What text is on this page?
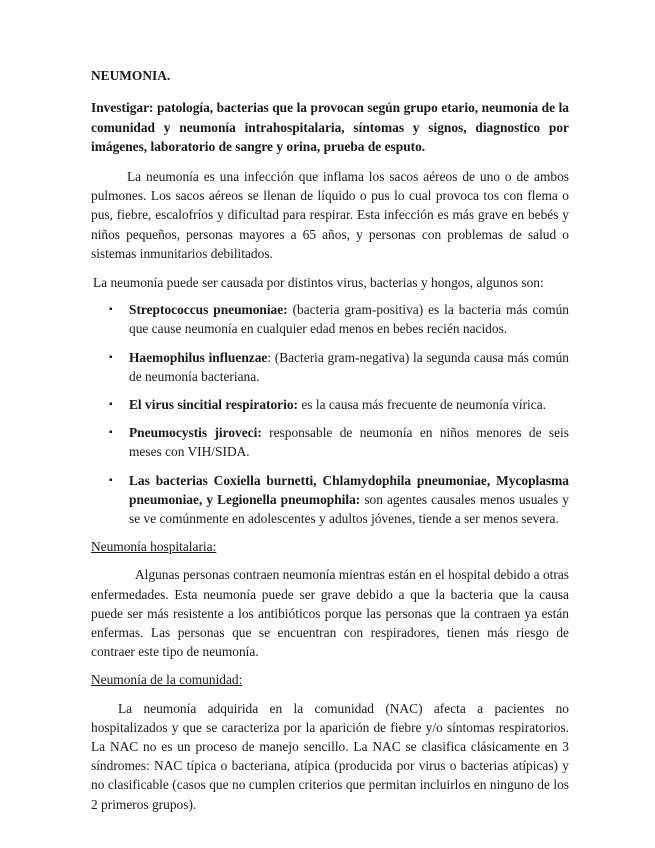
NEUMONIA.

Investigar: patología, bacterias que la provocan según grupo etario, neumonía de la comunidad y neumonía intrahospitalaria, síntomas y signos, diagnostico por imágenes, laboratorio de sangre y orina, prueba de esputo.

La neumonía es una infección que inflama los sacos aéreos de uno o de ambos pulmones. Los sacos aéreos se llenan de líquido o pus lo cual provoca tos con flema o pus, fiebre, escalofríos y dificultad para respirar. Esta infección es más grave en bebés y niños pequeños, personas mayores a 65 años, y personas con problemas de salud o sistemas inmunitarios debilitados.

La neumonía puede ser causada por distintos virus, bacterias y hongos, algunos son:

▪ Streptococcus pneumoniae: (bacteria gram-positiva) es la bacteria más común que cause neumonía en cualquier edad menos en bebes recién nacidos.
▪ Haemophilus influenzae: (Bacteria gram-negativa) la segunda causa más común de neumonía bacteriana.
▪ El virus sincitial respiratorio: es la causa más frecuente de neumonía vírica.
▪ Pneumocystis jiroveci: responsable de neumonía en niños menores de seis meses con VIH/SIDA.
▪ Las bacterias Coxiella burnetti, Chlamydophila pneumoniae, Mycoplasma pneumoniae, y Legionella pneumophila: son agentes causales menos usuales y se ve comúnmente en adolescentes y adultos jóvenes, tiende a ser menos severa.

Neumonía hospitalaria:

Algunas personas contraen neumonía mientras están en el hospital debido a otras enfermedades. Esta neumonía puede ser grave debido a que la bacteria que la causa puede ser más resistente a los antibióticos porque las personas que la contraen ya están enfermas. Las personas que se encuentran con respiradores, tienen más riesgo de contraer este tipo de neumonía.

Neumonía de la comunidad:

La neumonía adquirida en la comunidad (NAC) afecta a pacientes no hospitalizados y que se caracteriza por la aparición de fiebre y/o síntomas respiratorios. La NAC no es un proceso de manejo sencillo. La NAC se clasifica clásicamente en 3 síndromes: NAC típica o bacteriana, atípica (producida por virus o bacterias atípicas) y no clasificable (casos que no cumplen criterios que permitan incluirlos en ninguno de los 2 primeros grupos).
